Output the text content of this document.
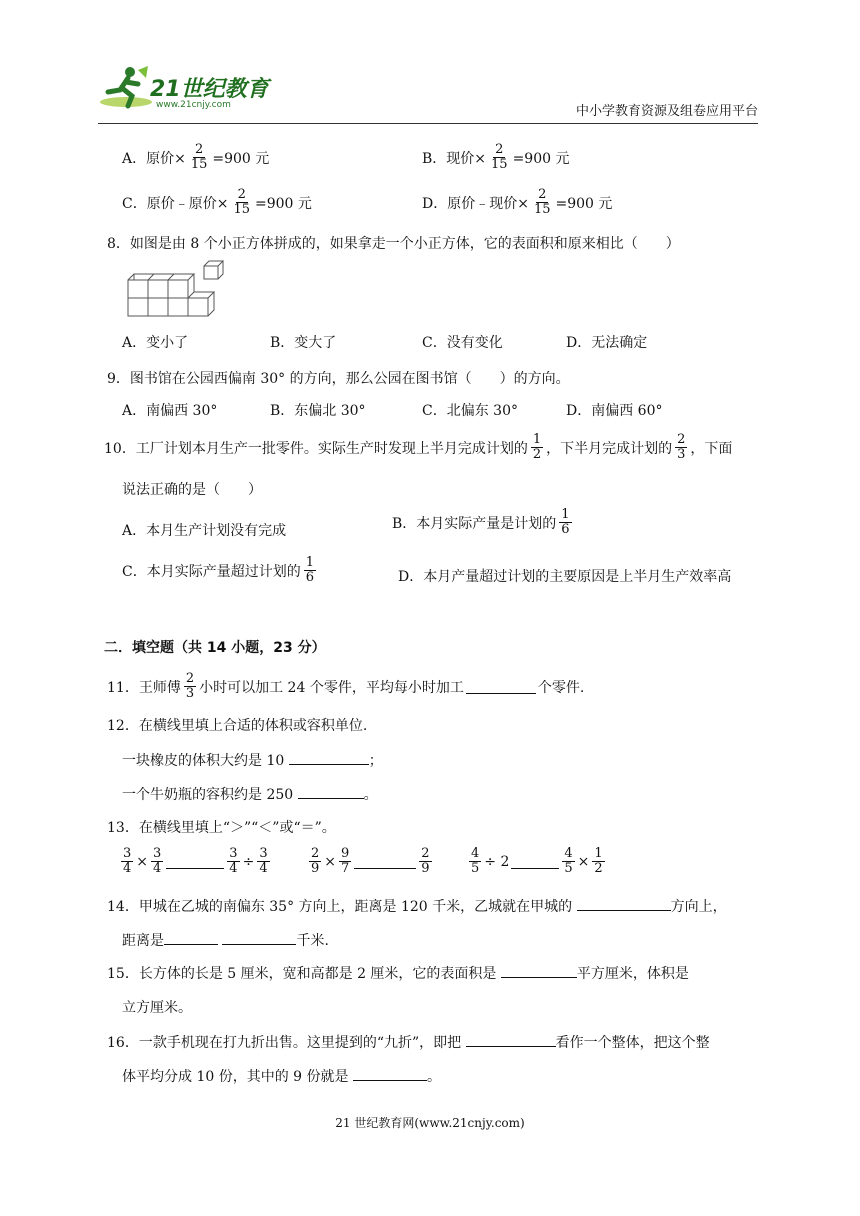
21世纪教育
www.21cnjy.com	中小学教育资源及组卷应用平台
A．原价× $\frac{2}{15} =900$ 元	B．现价× $\frac{2}{15} =900$ 元
C．原价﹣原价× $\frac{2}{15} =900$ 元	D．原价﹣现价× $\frac{2}{15} =900$ 元
8．如图是由 8 个小正方体拼成的，如果拿走一个小正方体，它的表面积和原来相比（　　）
A．变小了	B．变大了	C．没有变化	D．无法确定
9．图书馆在公园西偏南 30° 的方向，那么公园在图书馆（　　）的方向。
A．南偏西 30°	B．东偏北 30°	C．北偏东 30°	D．南偏西 60°
10．工厂计划本月生产一批零件。实际生产时发现上半月完成计划的 $\frac{1}{2}$ ，下半月完成计划的 $\frac{2}{3}$ ，下面
说法正确的是（　　）
A．本月生产计划没有完成	B．本月实际产量是计划的 $\frac{1}{6}$
C．本月实际产量超过计划的 $\frac{1}{6}$	D．本月产量超过计划的主要原因是上半月生产效率高
二．填空题（共 14 小题，23 分）
11．王师傅 $\frac{2}{3}$ 小时可以加工 24 个零件，平均每小时加工	个零件.
12．在横线里填上合适的体积或容积单位.
一块橡皮的体积大约是 10	；
一个牛奶瓶的容积约是 250	。
13．在横线里填上“＞”“＜”或“＝”。
$\frac{3}{4} \times \frac{3}{4}$	$\frac{3}{4} \div \frac{3}{4}$	$\frac{2}{9} \times \frac{9}{7}$	$\frac{2}{9}$	$\frac{4}{5} \div 2$	$\frac{4}{5} \times \frac{1}{2}$
14．甲城在乙城的南偏东 35° 方向上，距离是 120 千米，乙城就在甲城的	方向上，
距离是	千米.
15．长方体的长是 5 厘米，宽和高都是 2 厘米，它的表面积是	平方厘米，体积是
立方厘米。
16．一款手机现在打九折出售。这里提到的“九折”，即把	看作一个整体，把这个整
体平均分成 10 份，其中的 9 份就是	。
21 世纪教育网(www.21cnjy.com)
